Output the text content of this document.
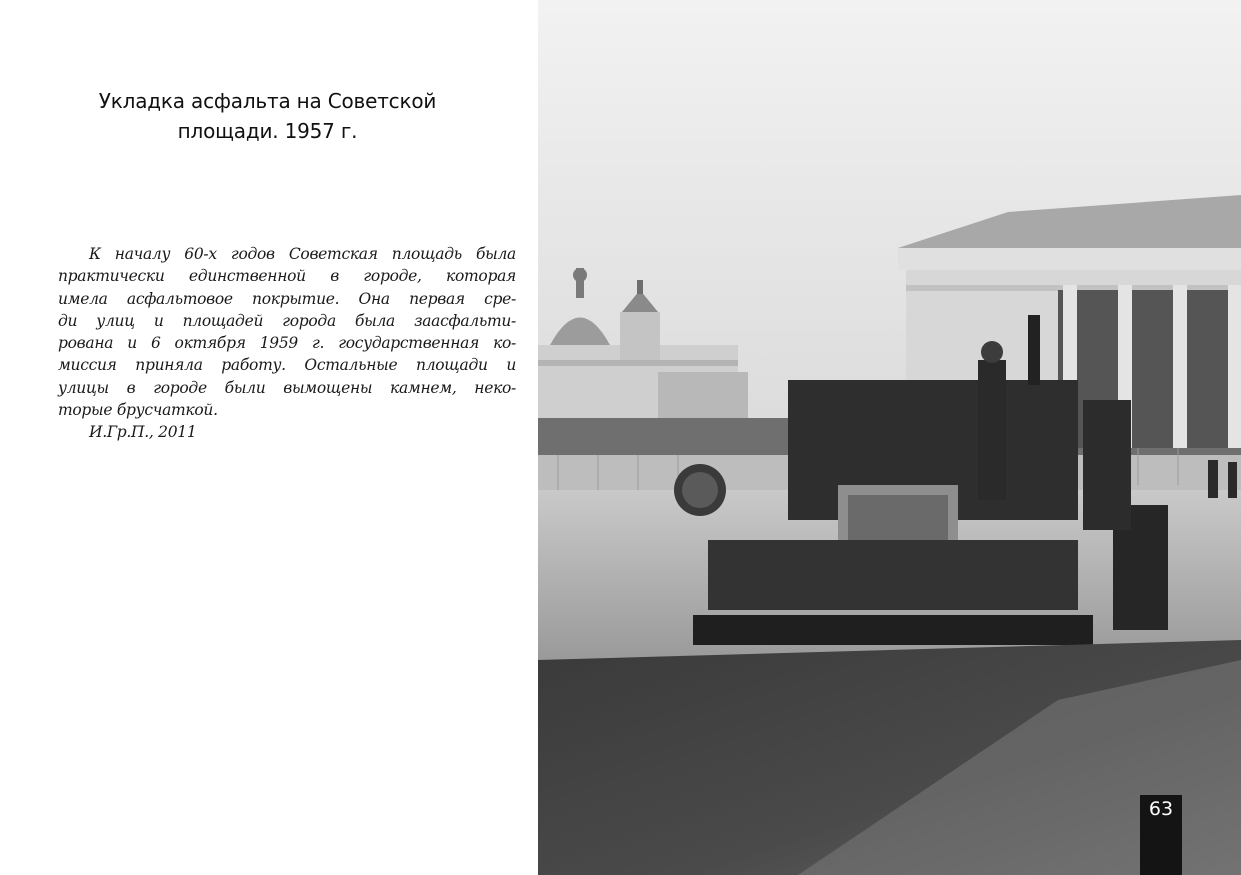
Укладка асфальта на Советской
площади. 1957 г.
К началу 60-х годов Советская площадь была
практически единственной в городе, которая
имела асфальтовое покрытие. Она первая сре-
ди улиц и площадей города была заасфальти-
рована и 6 октября 1959 г. государственная ко-
миссия приняла работу. Остальные площади и
улицы в городе были вымощены камнем, неко-
торые брусчаткой.
И.Гр.П., 2011
63
